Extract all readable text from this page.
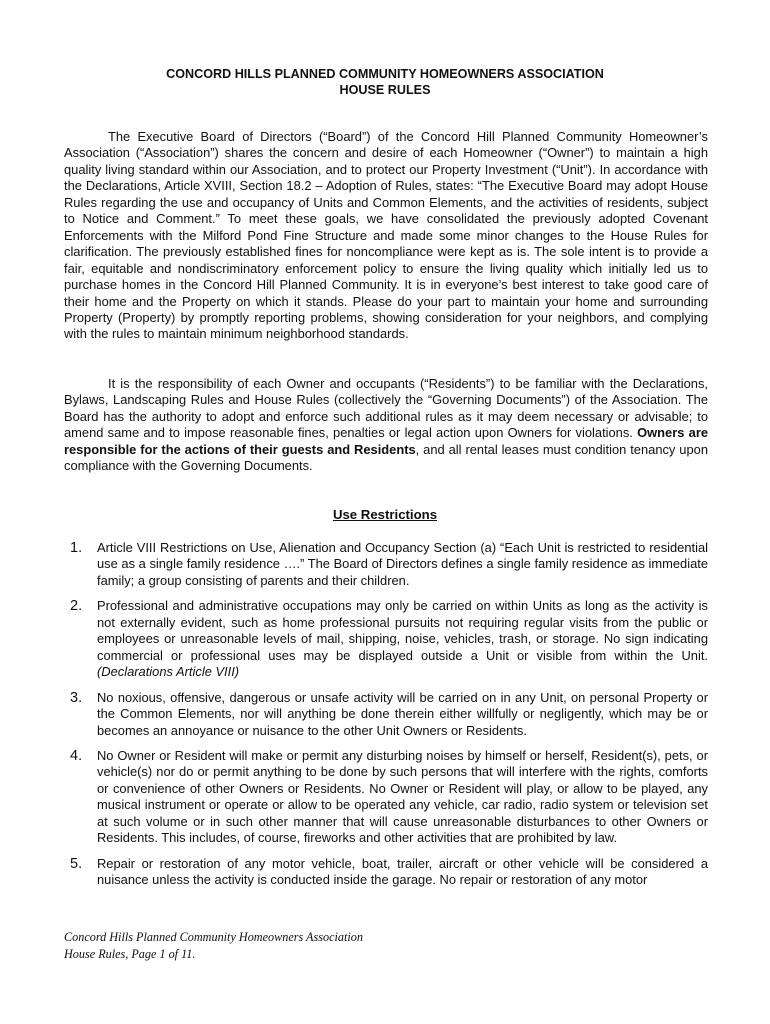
CONCORD HILLS PLANNED COMMUNITY HOMEOWNERS ASSOCIATION
HOUSE RULES

The Executive Board of Directors (“Board”) of the Concord Hill Planned Community Homeowner’s Association (“Association”) shares the concern and desire of each Homeowner (“Owner”) to maintain a high quality living standard within our Association, and to protect our Property Investment (“Unit”). In accordance with the Declarations, Article XVIII, Section 18.2 – Adoption of Rules, states: “The Executive Board may adopt House Rules regarding the use and occupancy of Units and Common Elements, and the activities of residents, subject to Notice and Comment.” To meet these goals, we have consolidated the previously adopted Covenant Enforcements with the Milford Pond Fine Structure and made some minor changes to the House Rules for clarification. The previously established fines for noncompliance were kept as is. The sole intent is to provide a fair, equitable and nondiscriminatory enforcement policy to ensure the living quality which initially led us to purchase homes in the Concord Hill Planned Community. It is in everyone’s best interest to take good care of their home and the Property on which it stands. Please do your part to maintain your home and surrounding Property (Property) by promptly reporting problems, showing consideration for your neighbors, and complying with the rules to maintain minimum neighborhood standards.

It is the responsibility of each Owner and occupants (“Residents”) to be familiar with the Declarations, Bylaws, Landscaping Rules and House Rules (collectively the “Governing Documents”) of the Association. The Board has the authority to adopt and enforce such additional rules as it may deem necessary or advisable; to amend same and to impose reasonable fines, penalties or legal action upon Owners for violations. Owners are responsible for the actions of their guests and Residents, and all rental leases must condition tenancy upon compliance with the Governing Documents.

Use Restrictions
1. Article VIII Restrictions on Use, Alienation and Occupancy Section (a) “Each Unit is restricted to residential use as a single family residence ….” The Board of Directors defines a single family residence as immediate family; a group consisting of parents and their children.
2. Professional and administrative occupations may only be carried on within Units as long as the activity is not externally evident, such as home professional pursuits not requiring regular visits from the public or employees or unreasonable levels of mail, shipping, noise, vehicles, trash, or storage. No sign indicating commercial or professional uses may be displayed outside a Unit or visible from within the Unit. (Declarations Article VIII)
3. No noxious, offensive, dangerous or unsafe activity will be carried on in any Unit, on personal Property or the Common Elements, nor will anything be done therein either willfully or negligently, which may be or becomes an annoyance or nuisance to the other Unit Owners or Residents.
4. No Owner or Resident will make or permit any disturbing noises by himself or herself, Resident(s), pets, or vehicle(s) nor do or permit anything to be done by such persons that will interfere with the rights, comforts or convenience of other Owners or Residents. No Owner or Resident will play, or allow to be played, any musical instrument or operate or allow to be operated any vehicle, car radio, radio system or television set at such volume or in such other manner that will cause unreasonable disturbances to other Owners or Residents. This includes, of course, fireworks and other activities that are prohibited by law.
5. Repair or restoration of any motor vehicle, boat, trailer, aircraft or other vehicle will be considered a nuisance unless the activity is conducted inside the garage. No repair or restoration of any motor
Concord Hills Planned Community Homeowners Association
House Rules, Page 1 of 11.
